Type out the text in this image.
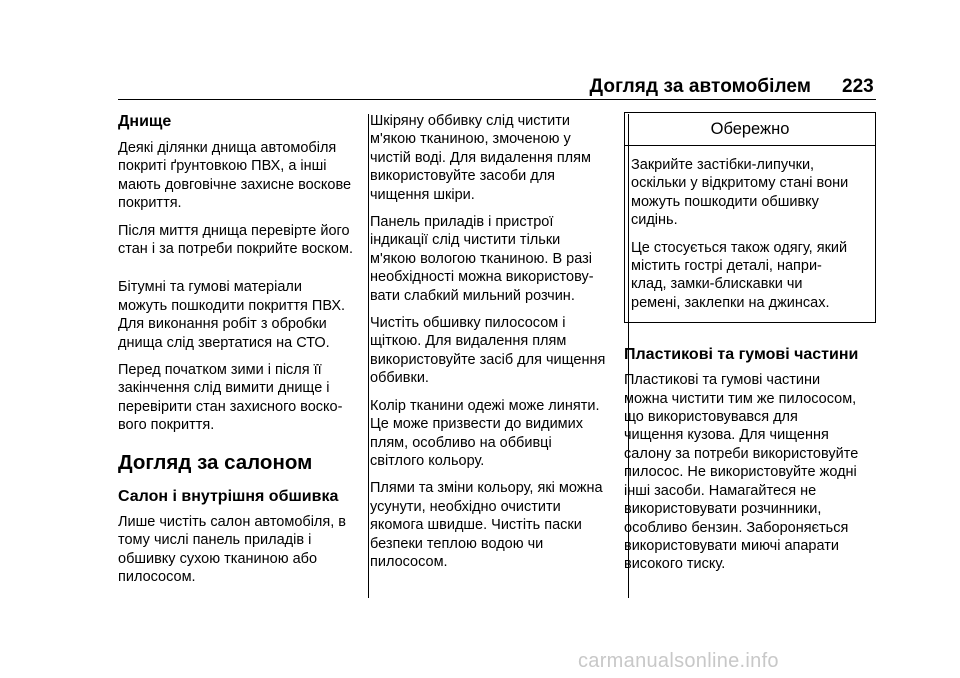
Догляд за автомобілем 223
Днище

Деякі ділянки днища автомобіля
покриті ґрунтовкою ПВХ, а інші
мають довговічне захисне воскове
покриття.

Після миття днища перевірте його
стан і за потреби покрийте воском.

Бітумні та гумові матеріали
можуть пошкодити покриття ПВХ.
Для виконання робіт з обробки
днища слід звертатися на СТО.

Перед початком зими і після її
закінчення слід вимити днище і
перевірити стан захисного воско-
вого покриття.

Догляд за салоном
Салон і внутрішня обшивка

Лише чистіть салон автомобіля, в
тому числі панель приладів і
обшивку сухою тканиною або
пилососом.

Шкіряну оббивку слід чистити
м'якою тканиною, змоченою у
чистій воді. Для видалення плям
використовуйте засоби для
чищення шкіри.

Панель приладів і пристрої
індикації слід чистити тільки
м'якою вологою тканиною. В разі
необхідності можна використову-
вати слабкий мильний розчин.

Чистіть обшивку пилососом і
щіткою. Для видалення плям
використовуйте засіб для чищення
оббивки.

Колір тканини одежі може линяти.
Це може призвести до видимих
плям, особливо на оббивці
світлого кольору.

Плями та зміни кольору, які можна
усунути, необхідно очистити
якомога швидше. Чистіть паски
безпеки теплою водою чи
пилососом.

Обережно

Закрийте застібки-липучки,
оскільки у відкритому стані вони
можуть пошкодити обшивку
сидінь.

Це стосується також одягу, який
містить гострі деталі, напри-
клад, замки-блискавки чи
ремені, заклепки на джинсах.

Пластикові та гумові частини

Пластикові та гумові частини
можна чистити тим же пилососом,
що використовувався для
чищення кузова. Для чищення
салону за потреби використовуйте
пилосос. Не використовуйте жодні
інші засоби. Намагайтеся не
використовувати розчинники,
особливо бензин. Забороняється
використовувати миючі апарати
високого тиску.

carmanualsonline.info
